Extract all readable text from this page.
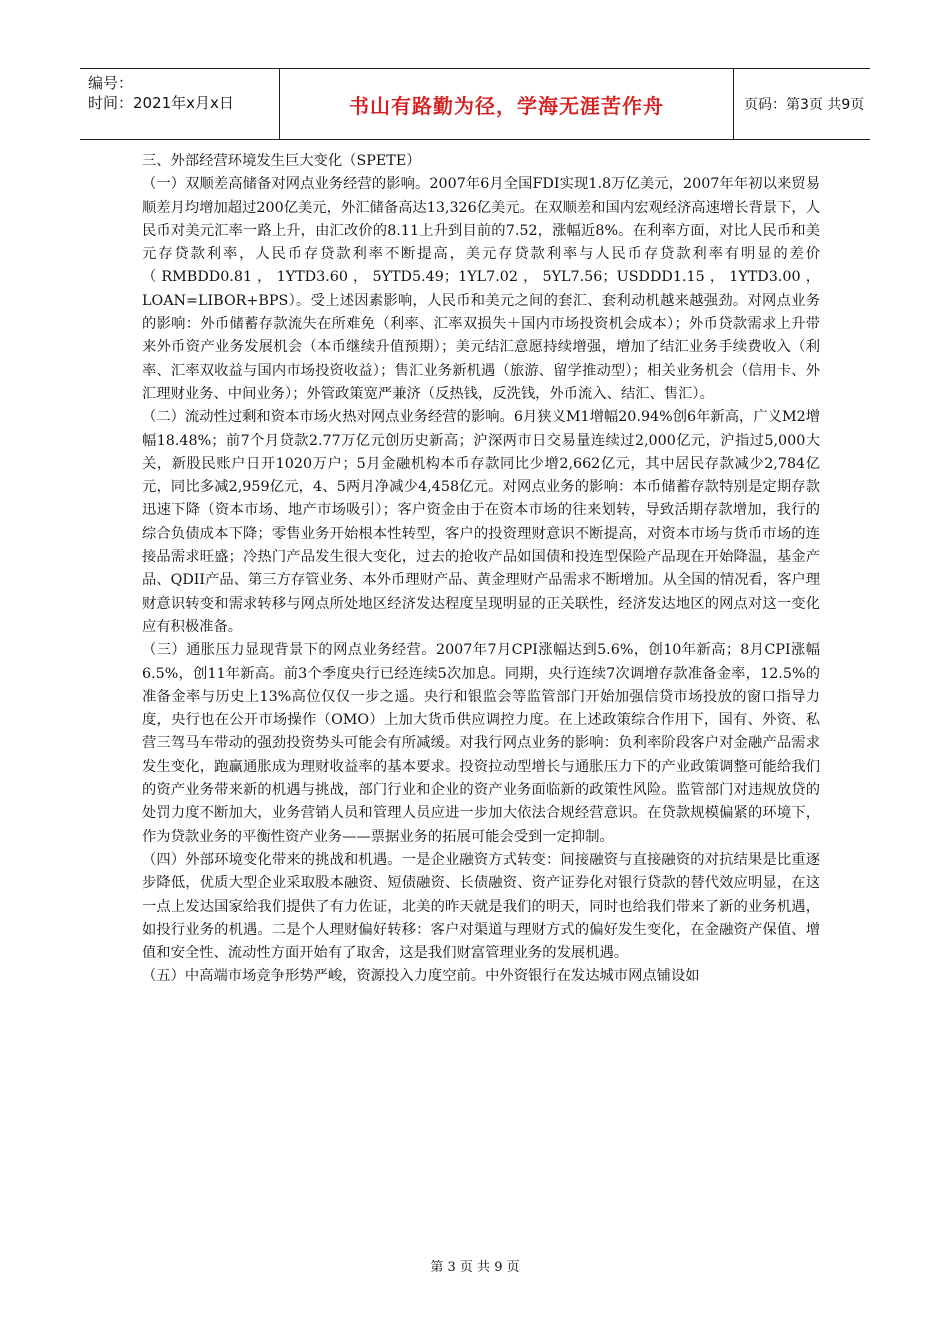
编号：
时间：2021年x月x日	书山有路勤为径，学海无涯苦作舟	页码：第3页 共9页

三、外部经营环境发生巨大变化（SPETE）

（一）双顺差高储备对网点业务经营的影响。2007年6月全国FDI实现1.8万亿美元，2007年年初以来贸易顺差月均增加超过200亿美元，外汇储备高达13,326亿美元。在双顺差和国内宏观经济高速增长背景下，人民币对美元汇率一路上升，由汇改价的8.11上升到目前的7.52，涨幅近8%。在利率方面，对比人民币和美元存贷款利率，人民币存贷款利率不断提高，美元存贷款利率与人民币存贷款利率有明显的差价（RMBDD0.81，1YTD3.60，5YTD5.49；1YL7.02，5YL7.56；USDDD1.15，1YTD3.00，LOAN=LIBOR+BPS）。受上述因素影响，人民币和美元之间的套汇、套利动机越来越强劲。对网点业务的影响：外币储蓄存款流失在所难免（利率、汇率双损失＋国内市场投资机会成本）；外币贷款需求上升带来外币资产业务发展机会（本币继续升值预期）；美元结汇意愿持续增强，增加了结汇业务手续费收入（利率、汇率双收益与国内市场投资收益）；售汇业务新机遇（旅游、留学推动型）；相关业务机会（信用卡、外汇理财业务、中间业务）；外管政策宽严兼济（反热钱，反洗钱，外币流入、结汇、售汇）。

（二）流动性过剩和资本市场火热对网点业务经营的影响。6月狭义M1增幅20.94%创6年新高，广义M2增幅18.48%；前7个月贷款2.77万亿元创历史新高；沪深两市日交易量连续过2,000亿元，沪指过5,000大关，新股民账户日开1020万户；5月金融机构本币存款同比少增2,662亿元，其中居民存款减少2,784亿元，同比多减2,959亿元，4、5两月净减少4,458亿元。对网点业务的影响：本币储蓄存款特别是定期存款迅速下降（资本市场、地产市场吸引）；客户资金由于在资本市场的往来划转，导致活期存款增加，我行的综合负债成本下降；零售业务开始根本性转型，客户的投资理财意识不断提高，对资本市场与货币市场的连接品需求旺盛；冷热门产品发生很大变化，过去的抢收产品如国债和投连型保险产品现在开始降温，基金产品、QDII产品、第三方存管业务、本外币理财产品、黄金理财产品需求不断增加。从全国的情况看，客户理财意识转变和需求转移与网点所处地区经济发达程度呈现明显的正关联性，经济发达地区的网点对这一变化应有积极准备。

（三）通胀压力显现背景下的网点业务经营。2007年7月CPI涨幅达到5.6%，创10年新高；8月CPI涨幅6.5%，创11年新高。前3个季度央行已经连续5次加息。同期，央行连续7次调增存款准备金率，12.5%的准备金率与历史上13%高位仅仅一步之遥。央行和银监会等监管部门开始加强信贷市场投放的窗口指导力度，央行也在公开市场操作（OMO）上加大货币供应调控力度。在上述政策综合作用下，国有、外资、私营三驾马车带动的强劲投资势头可能会有所减缓。对我行网点业务的影响：负利率阶段客户对金融产品需求发生变化，跑赢通胀成为理财收益率的基本要求。投资拉动型增长与通胀压力下的产业政策调整可能给我们的资产业务带来新的机遇与挑战，部门行业和企业的资产业务面临新的政策性风险。监管部门对违规放贷的处罚力度不断加大，业务营销人员和管理人员应进一步加大依法合规经营意识。在贷款规模偏紧的环境下，作为贷款业务的平衡性资产业务——票据业务的拓展可能会受到一定抑制。

（四）外部环境变化带来的挑战和机遇。一是企业融资方式转变：间接融资与直接融资的对抗结果是比重逐步降低，优质大型企业采取股本融资、短债融资、长债融资、资产证券化对银行贷款的替代效应明显，在这一点上发达国家给我们提供了有力佐证，北美的昨天就是我们的明天，同时也给我们带来了新的业务机遇，如投行业务的机遇。二是个人理财偏好转移：客户对渠道与理财方式的偏好发生变化，在金融资产保值、增值和安全性、流动性方面开始有了取舍，这是我们财富管理业务的发展机遇。

（五）中高端市场竞争形势严峻，资源投入力度空前。中外资银行在发达城市网点铺设如

第 3 页 共 9 页
